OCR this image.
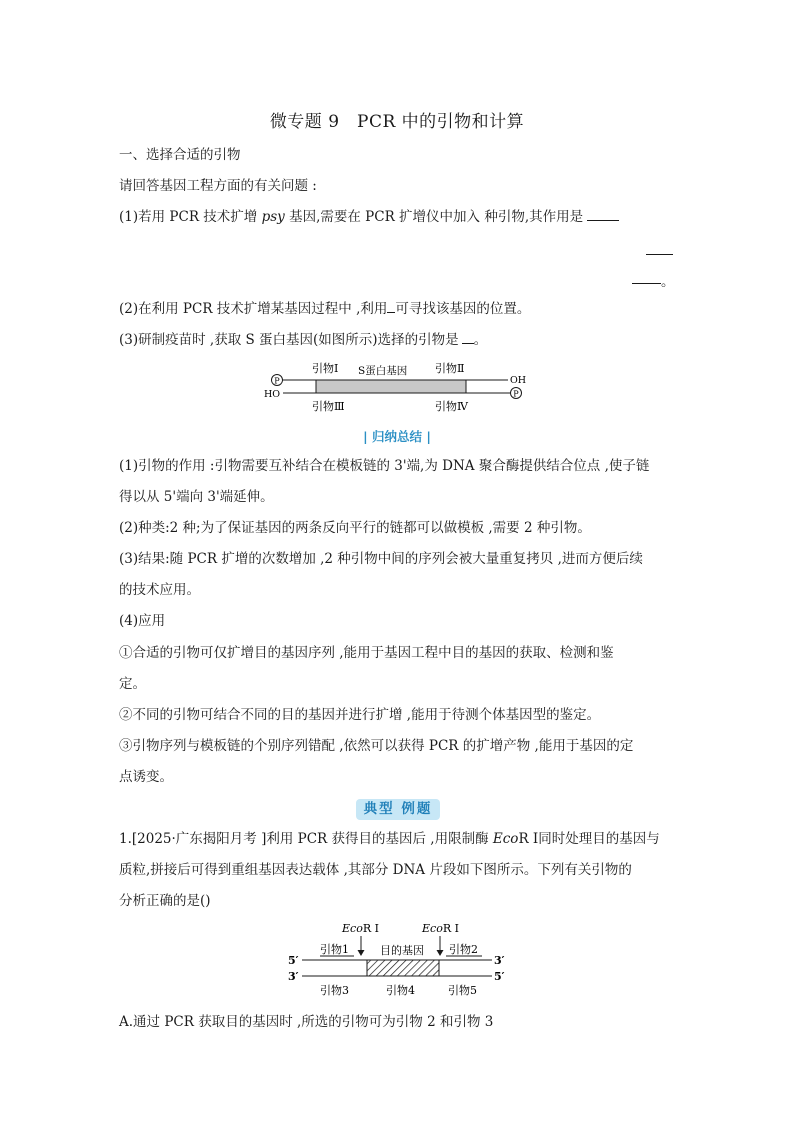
微专题 9　PCR 中的引物和计算
一、选择合适的引物
请回答基因工程方面的有关问题 :
(1)若用 PCR 技术扩增 psy 基因,需要在 PCR 扩增仪中加入 种引物,其作用是
。
(2)在利用 PCR 技术扩增某基因过程中 ,利用 可寻找该基因的位置。
(3)研制疫苗时 ,获取 S 蛋白基因(如图所示)选择的引物是 。
P	OH
HO	P
引物Ⅰ S蛋白基因	引物Ⅱ
引物Ⅲ	引物Ⅳ
| 归纳总结 |
(1)引物的作用 :引物需要互补结合在模板链的 3'端,为 DNA 聚合酶提供结合位点 ,使子链
得以从 5'端向 3'端延伸。
(2)种类:2 种;为了保证基因的两条反向平行的链都可以做模板 ,需要 2 种引物。
(3)结果:随 PCR 扩增的次数增加 ,2 种引物中间的序列会被大量重复拷贝 ,进而方便后续
的技术应用。
(4)应用
①合适的引物可仅扩增目的基因序列 ,能用于基因工程中目的基因的获取、检测和鉴
定。
②不同的引物可结合不同的目的基因并进行扩增 ,能用于待测个体基因型的鉴定。
③引物序列与模板链的个别序列错配 ,依然可以获得 PCR 的扩增产物 ,能用于基因的定
点诱变。
典型 例题
1.[2025·广东揭阳月考 ]利用 PCR 获得目的基因后 ,用限制酶 EcoR Ⅰ同时处理目的基因与
质粒,拼接后可得到重组基因表达载体 ,其部分 DNA 片段如下图所示。下列有关引物的
分析正确的是()
EcoR Ⅰ	EcoR Ⅰ
5′	3′
3′	5′
引物1	目的基因 引物2
引物3	引物4	引物5
A.通过 PCR 获取目的基因时 ,所选的引物可为引物 2 和引物 3
